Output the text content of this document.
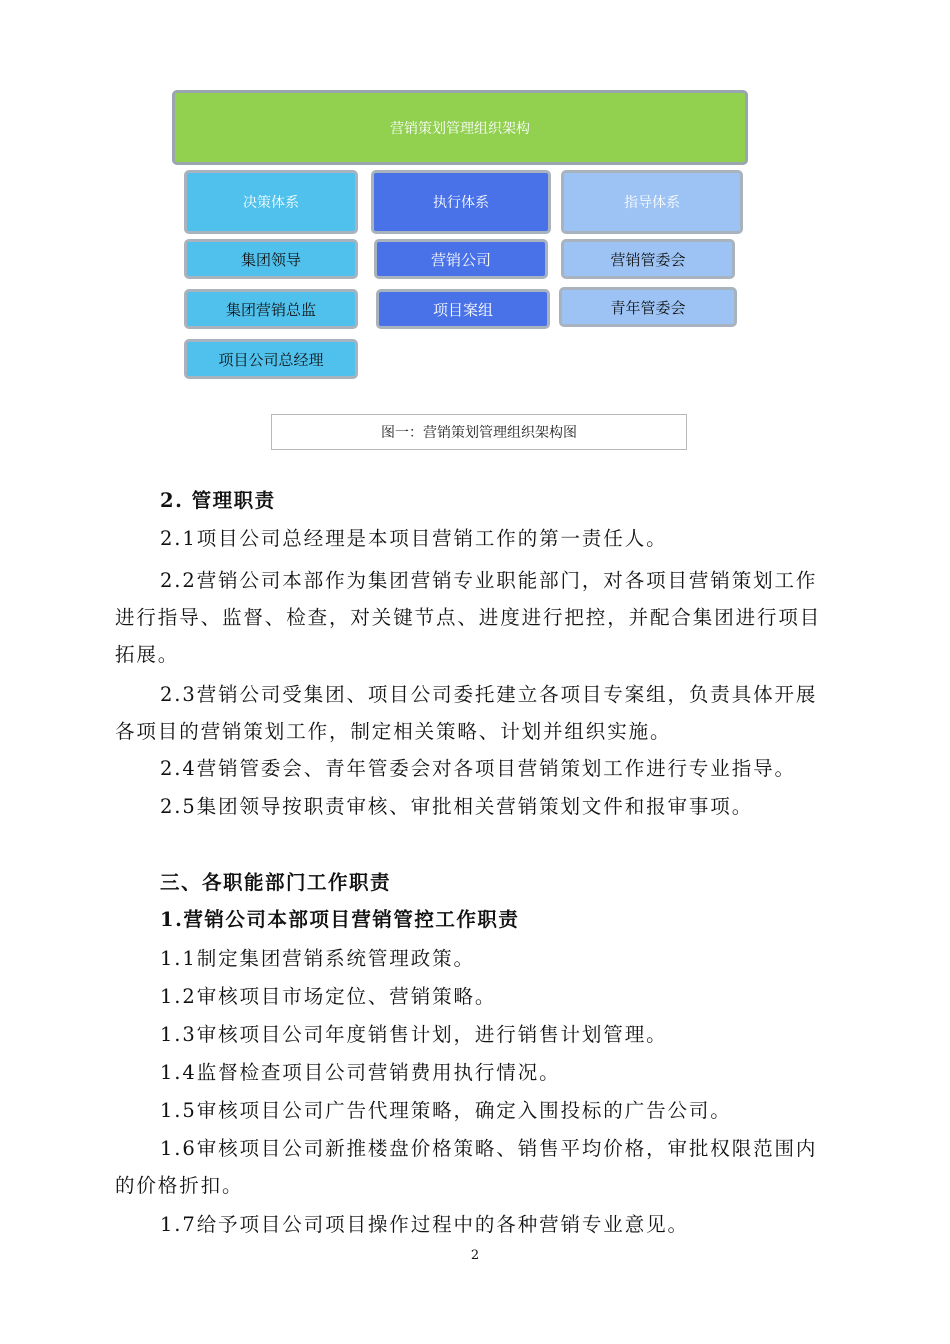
营销策划管理组织架构
决策体系	执行体系	指导体系
集团领导
集团营销总监
项目公司总经理
营销公司
项目案组
营销管委会
青年管委会
图一：营销策划管理组织架构图
2. 管理职责

2.1项目公司总经理是本项目营销工作的第一责任人。

2.2营销公司本部作为集团营销专业职能部门，对各项目营销策划工作进行指导、监督、检查，对关键节点、进度进行把控，并配合集团进行项目拓展。

2.3营销公司受集团、项目公司委托建立各项目专案组，负责具体开展各项目的营销策划工作，制定相关策略、计划并组织实施。

2.4营销管委会、青年管委会对各项目营销策划工作进行专业指导。

2.5集团领导按职责审核、审批相关营销策划文件和报审事项。

三、各职能部门工作职责
1.营销公司本部项目营销管控工作职责

1.1制定集团营销系统管理政策。

1.2审核项目市场定位、营销策略。

1.3审核项目公司年度销售计划，进行销售计划管理。

1.4监督检查项目公司营销费用执行情况。

1.5审核项目公司广告代理策略，确定入围投标的广告公司。

1.6审核项目公司新推楼盘价格策略、销售平均价格，审批权限范围内的价格折扣。

1.7给予项目公司项目操作过程中的各种营销专业意见。

2
